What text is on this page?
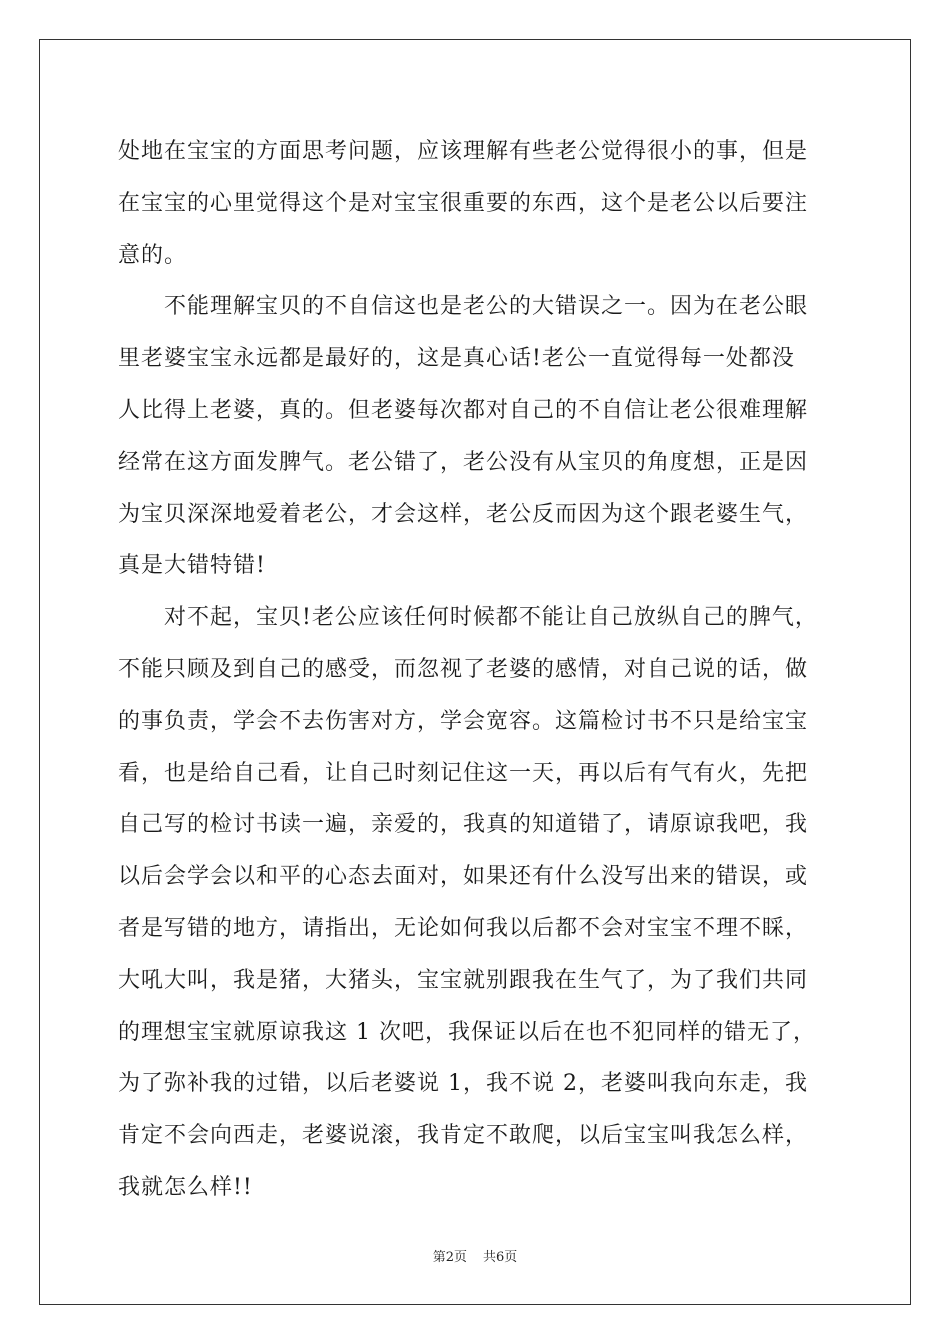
处地在宝宝的方面思考问题，应该理解有些老公觉得很小的事，但是
在宝宝的心里觉得这个是对宝宝很重要的东西，这个是老公以后要注
意的。
不能理解宝贝的不自信这也是老公的大错误之一。因为在老公眼
里老婆宝宝永远都是最好的，这是真心话!老公一直觉得每一处都没
人比得上老婆，真的。但老婆每次都对自己的不自信让老公很难理解
经常在这方面发脾气。老公错了，老公没有从宝贝的角度想，正是因
为宝贝深深地爱着老公，才会这样，老公反而因为这个跟老婆生气，
真是大错特错!
对不起，宝贝!老公应该任何时候都不能让自己放纵自己的脾气，
不能只顾及到自己的感受，而忽视了老婆的感情，对自己说的话，做
的事负责，学会不去伤害对方，学会宽容。这篇检讨书不只是给宝宝
看，也是给自己看，让自己时刻记住这一天，再以后有气有火，先把
自己写的检讨书读一遍，亲爱的，我真的知道错了，请原谅我吧，我
以后会学会以和平的心态去面对，如果还有什么没写出来的错误，或
者是写错的地方，请指出，无论如何我以后都不会对宝宝不理不睬，
大吼大叫，我是猪，大猪头，宝宝就别跟我在生气了，为了我们共同
的理想宝宝就原谅我这 1 次吧，我保证以后在也不犯同样的错无了，
为了弥补我的过错，以后老婆说 1，我不说 2，老婆叫我向东走，我
肯定不会向西走，老婆说滚，我肯定不敢爬，以后宝宝叫我怎么样，
我就怎么样!!
第2页 共6页
